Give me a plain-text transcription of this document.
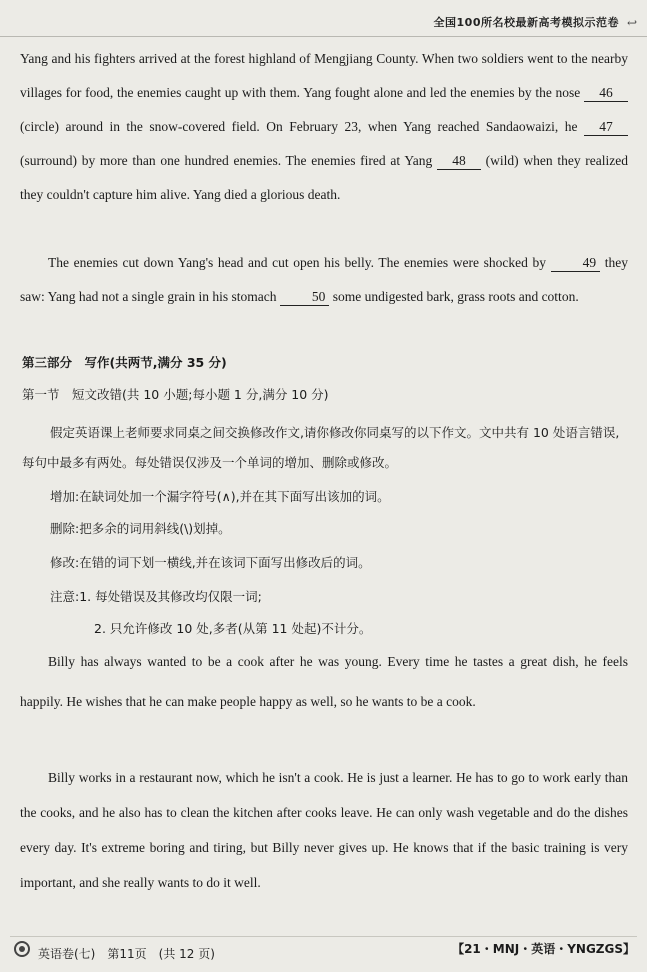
全国100所名校最新高考模拟示范卷 ↩

Yang and his fighters arrived at the forest highland of Mengjiang County. When two soldiers went to the nearby villages for food, the enemies caught up with them. Yang fought alone and led the enemies by the nose 46 (circle) around in the snow-covered field. On February 23, when Yang reached Sandaowaizi, he 47 (surround) by more than one hundred enemies. The enemies fired at Yang 48 (wild) when they realized they couldn't capture him alive. Yang died a glorious death.

The enemies cut down Yang's head and cut open his belly. The enemies were shocked by	49 they saw: Yang had not a single grain in his stomach	50 some undigested bark, grass roots and cotton.

第三部分　写作(共两节,满分 35 分)

第一节　短文改错(共 10 小题;每小题 1 分,满分 10 分)

假定英语课上老师要求同桌之间交换修改作文,请你修改你同桌写的以下作文。文中共有 10 处语言错误,每句中最多有两处。每处错误仅涉及一个单词的增加、删除或修改。

增加:在缺词处加一个漏字符号(∧),并在其下面写出该加的词。

删除:把多余的词用斜线(\)划掉。

修改:在错的词下划一横线,并在该词下面写出修改后的词。

注意:1. 每处错误及其修改均仅限一词;

2. 只允许修改 10 处,多者(从第 11 处起)不计分。

Billy has always wanted to be a cook after he was young. Every time he tastes a great dish, he feels happily. He wishes that he can make people happy as well, so he wants to be a cook.

Billy works in a restaurant now, which he isn't a cook. He is just a learner. He has to go to work early than the cooks, and he also has to clean the kitchen after cooks leave. He can only wash vegetable and do the dishes every day. It's extreme boring and tiring, but Billy never gives up. He knows that if the basic training is very important, and she really wants to do it well.

英语卷(七)　第11页　(共 12 页)	【21・MNJ・英语・YNGZGS】
